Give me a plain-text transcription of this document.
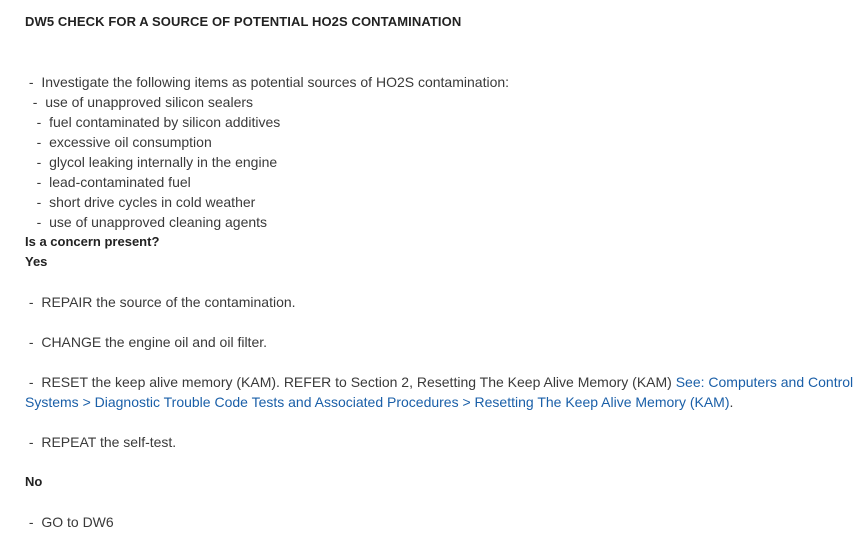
DW5 CHECK FOR A SOURCE OF POTENTIAL HO2S CONTAMINATION
-  Investigate the following items as potential sources of HO2S contamination:
-  use of unapproved silicon sealers
-  fuel contaminated by silicon additives
-  excessive oil consumption
-  glycol leaking internally in the engine
-  lead-contaminated fuel
-  short drive cycles in cold weather
-  use of unapproved cleaning agents
Is a concern present?
Yes
-  REPAIR the source of the contamination.
-  CHANGE the engine oil and oil filter.
-  RESET the keep alive memory (KAM). REFER to Section 2, Resetting The Keep Alive Memory (KAM) See: Computers and Control Systems > Diagnostic Trouble Code Tests and Associated Procedures > Resetting The Keep Alive Memory (KAM).
-  REPEAT the self-test.
No
-  GO to DW6
